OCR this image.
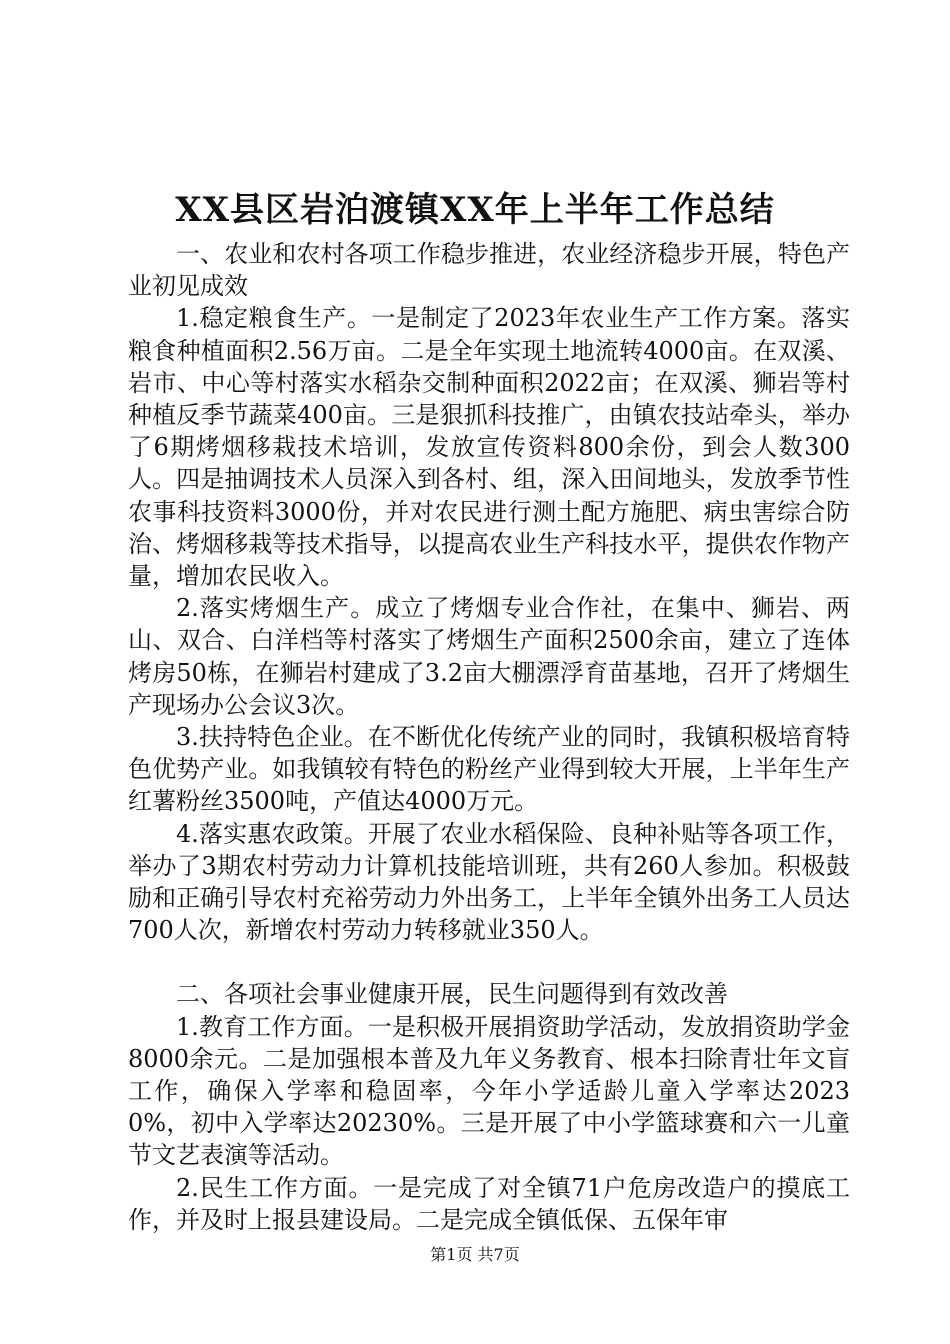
XX县区岩泊渡镇XX年上半年工作总结

一、农业和农村各项工作稳步推进，农业经济稳步开展，特色产业初见成效

1.稳定粮食生产。一是制定了2023年农业生产工作方案。落实粮食种植面积2.56万亩。二是全年实现土地流转4000亩。在双溪、岩市、中心等村落实水稻杂交制种面积2022亩；在双溪、狮岩等村种植反季节蔬菜400亩。三是狠抓科技推广，由镇农技站牵头，举办了6期烤烟移栽技术培训，发放宣传资料800余份，到会人数300人。四是抽调技术人员深入到各村、组，深入田间地头，发放季节性农事科技资料3000份，并对农民进行测土配方施肥、病虫害综合防治、烤烟移栽等技术指导，以提高农业生产科技水平，提供农作物产量，增加农民收入。

2.落实烤烟生产。成立了烤烟专业合作社，在集中、狮岩、两山、双合、白洋档等村落实了烤烟生产面积2500余亩，建立了连体烤房50栋，在狮岩村建成了3.2亩大棚漂浮育苗基地，召开了烤烟生产现场办公会议3次。

3.扶持特色企业。在不断优化传统产业的同时，我镇积极培育特色优势产业。如我镇较有特色的粉丝产业得到较大开展，上半年生产红薯粉丝3500吨，产值达4000万元。

4.落实惠农政策。开展了农业水稻保险、良种补贴等各项工作，举办了3期农村劳动力计算机技能培训班，共有260人参加。积极鼓励和正确引导农村充裕劳动力外出务工，上半年全镇外出务工人员达700人次，新增农村劳动力转移就业350人。

二、各项社会事业健康开展，民生问题得到有效改善

1.教育工作方面。一是积极开展捐资助学活动，发放捐资助学金8000余元。二是加强根本普及九年义务教育、根本扫除青壮年文盲工作，确保入学率和稳固率，今年小学适龄儿童入学率达20230%，初中入学率达20230%。三是开展了中小学篮球赛和六一儿童节文艺表演等活动。

2.民生工作方面。一是完成了对全镇71户危房改造户的摸底工作，并及时上报县建设局。二是完成全镇低保、五保年审

第1页 共7页
